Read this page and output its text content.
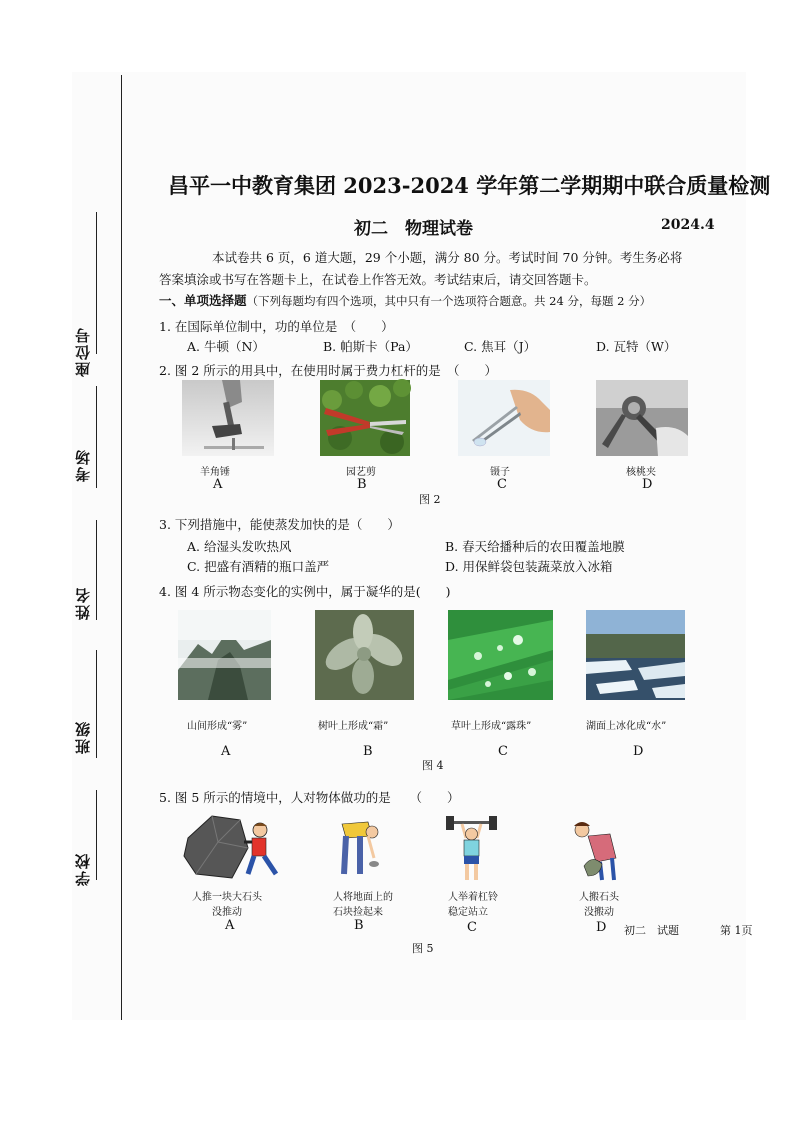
座位号
考场
姓名
班级
学校
昌平一中教育集团 2023-2024 学年第二学期期中联合质量检测
初二　物理试卷	2024.4
本试卷共 6 页，6 道大题，29 个小题，满分 80 分。考试时间 70 分钟。考生务必将
答案填涂或书写在答题卡上，在试卷上作答无效。考试结束后，请交回答题卡。
一、单项选择题（下列每题均有四个选项，其中只有一个选项符合题意。共 24 分，每题 2 分）
1. 在国际单位制中，功的单位是　（　　）
A. 牛顿（N）	B. 帕斯卡（Pa）	C. 焦耳（J）	D. 瓦特（W）
2. 图 2 所示的用具中，在使用时属于费力杠杆的是　（　　）
羊角锤	园艺剪	镊子	核桃夹
A	B	C	D
图 2
3. 下列措施中，能使蒸发加快的是（　　）
A. 给湿头发吹热风	B. 春天给播种后的农田覆盖地膜
C. 把盛有酒精的瓶口盖严	D. 用保鲜袋包装蔬菜放入冰箱
4. 图 4 所示物态变化的实例中，属于凝华的是(　　)
山间形成“雾”	树叶上形成“霜”	草叶上形成“露珠”	湖面上冰化成“水”
A	B	C	D
图 4
5. 图 5 所示的情境中，人对物体做功的是　　（　　）
人推一块大石头
没推动
人将地面上的
石块捡起来
人举着杠铃
稳定站立
人搬石头
没搬动
A	B	C	D 初二　试题	第 1页
图 5
